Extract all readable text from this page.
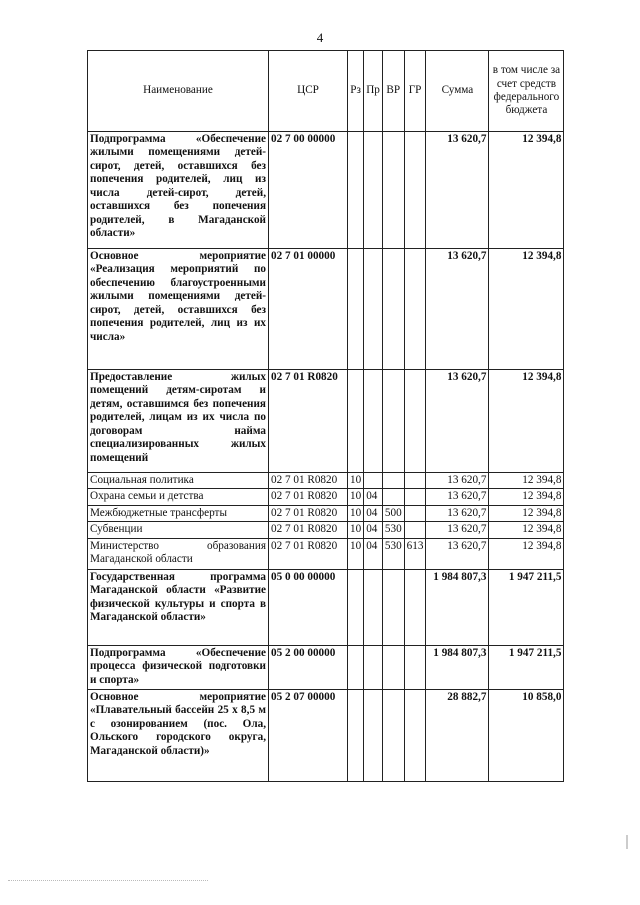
4
Наименование	ЦСР	Рз	Пр	ВР	ГР	Сумма	в том числе за счет средств федерального бюджета
Подпрограмма «Обеспечение жилыми помещениями детей-сирот, детей, оставшихся без попечения родителей, лиц из числа детей-сирот, детей, оставшихся без попечения родителей, в Магаданской области»	02 7 00 00000					13 620,7	12 394,8
Основное мероприятие «Реализация мероприятий по обеспечению благоустроенными жилыми помещениями детей-сирот, детей, оставшихся без попечения родителей, лиц из их числа»	02 7 01 00000					13 620,7	12 394,8
Предоставление жилых помещений детям-сиротам и детям, оставшимся без попечения родителей, лицам из их числа по договорам найма специализированных жилых помещений	02 7 01 R0820					13 620,7	12 394,8
Социальная политика	02 7 01 R0820	10				13 620,7	12 394,8
Охрана семьи и детства	02 7 01 R0820	10	04			13 620,7	12 394,8
Межбюджетные трансферты	02 7 01 R0820	10	04	500		13 620,7	12 394,8
Субвенции	02 7 01 R0820	10	04	530		13 620,7	12 394,8
Министерство образования Магаданской области	02 7 01 R0820	10	04	530	613	13 620,7	12 394,8
Государственная программа Магаданской области «Развитие физической культуры и спорта в Магаданской области»	05 0 00 00000					1 984 807,3	1 947 211,5
Подпрограмма «Обеспечение процесса физической подготовки и спорта»	05 2 00 00000					1 984 807,3	1 947 211,5
Основное мероприятие «Плавательный бассейн 25 х 8,5 м с озонированием (пос. Ола, Ольского городского округа, Магаданской области)»	05 2 07 00000					28 882,7	10 858,0
